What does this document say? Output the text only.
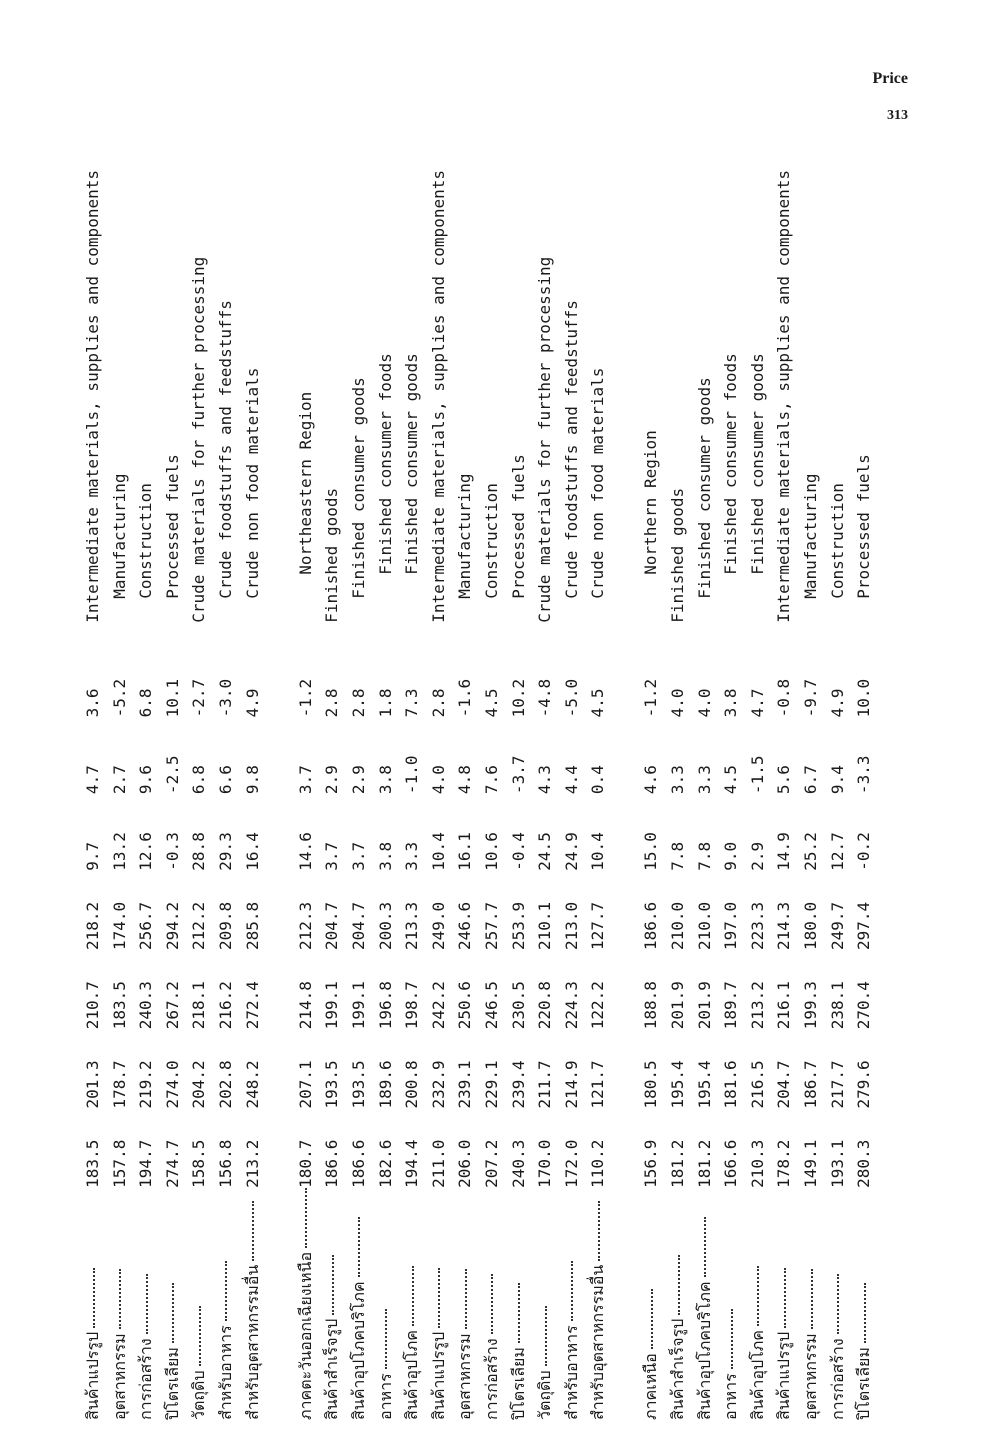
Price
313
สินค้าแปรรูป	183.5	201.3	210.7	218.2	9.7	4.7	3.6	Intermediate materials, supplies and components
อุตสาหกรรม	157.8	178.7	183.5	174.0	13.2	2.7	-5.2	Manufacturing
การก่อสร้าง	194.7	219.2	240.3	256.7	12.6	9.6	6.8	Construction
ปิโตรเลียม	274.7	274.0	267.2	294.2	-0.3	-2.5	10.1	Processed fuels
วัตถุดิบ	158.5	204.2	218.1	212.2	28.8	6.8	-2.7	Crude materials for further processing
สำหรับอาหาร	156.8	202.8	216.2	209.8	29.3	6.6	-3.0	Crude foodstuffs and feedstuffs
สำหรับอุตสาหกรรมอื่น	213.2	248.2	272.4	285.8	16.4	9.8	4.9	Crude non food materials

ภาคตะวันออกเฉียงเหนือ	180.7	207.1	214.8	212.3	14.6	3.7	-1.2	Northeastern Region
สินค้าสำเร็จรูป	186.6	193.5	199.1	204.7	3.7	2.9	2.8	Finished goods
สินค้าอุปโภคบริโภค	186.6	193.5	199.1	204.7	3.7	2.9	2.8	Finished consumer goods
อาหาร	182.6	189.6	196.8	200.3	3.8	3.8	1.8	Finished consumer foods
สินค้าอุปโภค	194.4	200.8	198.7	213.3	3.3	-1.0	7.3	Finished consumer goods
สินค้าแปรรูป	211.0	232.9	242.2	249.0	10.4	4.0	2.8	Intermediate materials, supplies and components
อุตสาหกรรม	206.0	239.1	250.6	246.6	16.1	4.8	-1.6	Manufacturing
การก่อสร้าง	207.2	229.1	246.5	257.7	10.6	7.6	4.5	Construction
ปิโตรเลียม	240.3	239.4	230.5	253.9	-0.4	-3.7	10.2	Processed fuels
วัตถุดิบ	170.0	211.7	220.8	210.1	24.5	4.3	-4.8	Crude materials for further processing
สำหรับอาหาร	172.0	214.9	224.3	213.0	24.9	4.4	-5.0	Crude foodstuffs and feedstuffs
สำหรับอุตสาหกรรมอื่น	110.2	121.7	122.2	127.7	10.4	0.4	4.5	Crude non food materials

ภาคเหนือ	156.9	180.5	188.8	186.6	15.0	4.6	-1.2	Northern Region
สินค้าสำเร็จรูป	181.2	195.4	201.9	210.0	7.8	3.3	4.0	Finished goods
สินค้าอุปโภคบริโภค	181.2	195.4	201.9	210.0	7.8	3.3	4.0	Finished consumer goods
อาหาร	166.6	181.6	189.7	197.0	9.0	4.5	3.8	Finished consumer foods
สินค้าอุปโภค	210.3	216.5	213.2	223.3	2.9	-1.5	4.7	Finished consumer goods
สินค้าแปรรูป	178.2	204.7	216.1	214.3	14.9	5.6	-0.8	Intermediate materials, supplies and components
อุตสาหกรรม	149.1	186.7	199.3	180.0	25.2	6.7	-9.7	Manufacturing
การก่อสร้าง	193.1	217.7	238.1	249.7	12.7	9.4	4.9	Construction
ปิโตรเลียม	280.3	279.6	270.4	297.4	-0.2	-3.3	10.0	Processed fuels
